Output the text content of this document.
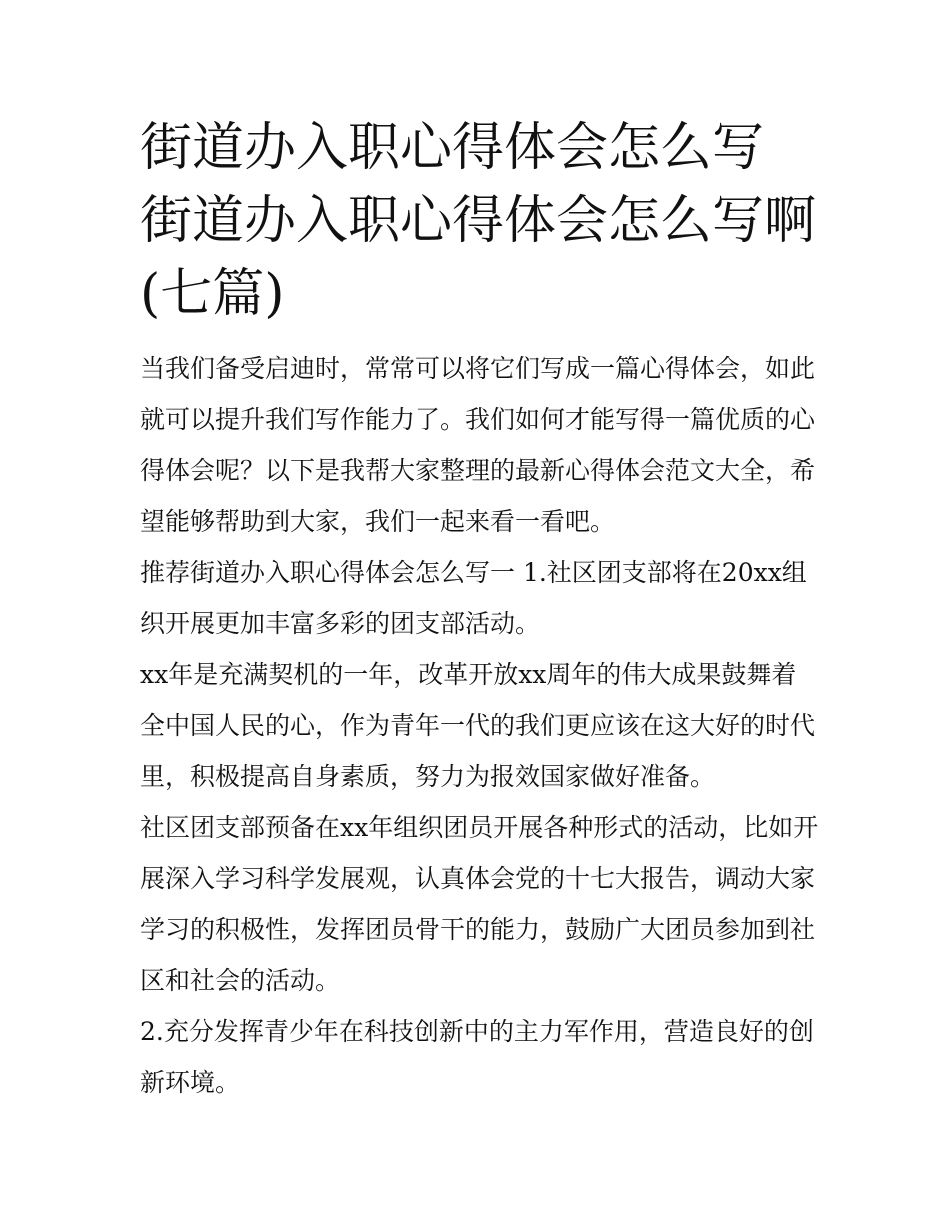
街道办入职心得体会怎么写 街道办入职心得体会怎么写啊(七篇)

当我们备受启迪时，常常可以将它们写成一篇心得体会，如此就可以提升我们写作能力了。我们如何才能写得一篇优质的心得体会呢？以下是我帮大家整理的最新心得体会范文大全，希望能够帮助到大家，我们一起来看一看吧。

推荐街道办入职心得体会怎么写一 1.社区团支部将在20xx组织开展更加丰富多彩的团支部活动。

xx年是充满契机的一年，改革开放xx周年的伟大成果鼓舞着全中国人民的心，作为青年一代的我们更应该在这大好的时代里，积极提高自身素质，努力为报效国家做好准备。

社区团支部预备在xx年组织团员开展各种形式的活动，比如开展深入学习科学发展观，认真体会党的十七大报告，调动大家学习的积极性，发挥团员骨干的能力，鼓励广大团员参加到社区和社会的活动。

2.充分发挥青少年在科技创新中的主力军作用，营造良好的创新环境。
